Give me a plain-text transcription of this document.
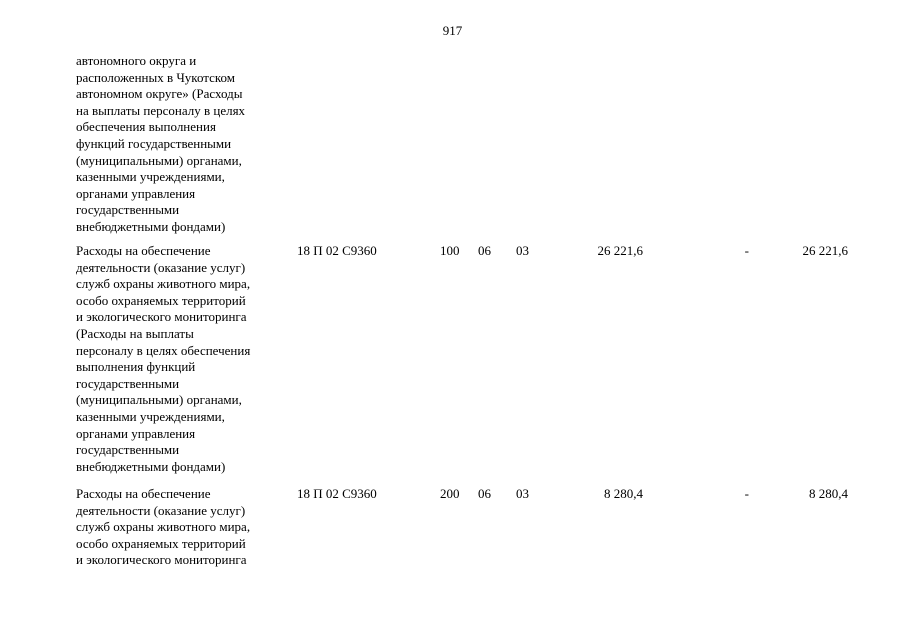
917
автономного округа и
расположенных в Чукотском
автономном округе» (Расходы
на выплаты персоналу в целях
обеспечения выполнения
функций государственными
(муниципальными) органами,
казенными учреждениями,
органами управления
государственными
внебюджетными фондами)
Расходы на обеспечение
деятельности (оказание услуг)
служб охраны животного мира,
особо охраняемых территорий
и экологического мониторинга
(Расходы на выплаты
персоналу в целях обеспечения
выполнения функций
государственными
(муниципальными) органами,
казенными учреждениями,
органами управления
государственными
внебюджетными фондами)
18 П 02 С9360	100 06 03	26 221,6	-	26 221,6
Расходы на обеспечение
деятельности (оказание услуг)
служб охраны животного мира,
особо охраняемых территорий
и экологического мониторинга
18 П 02 С9360	200 06 03	8 280,4	-	8 280,4
